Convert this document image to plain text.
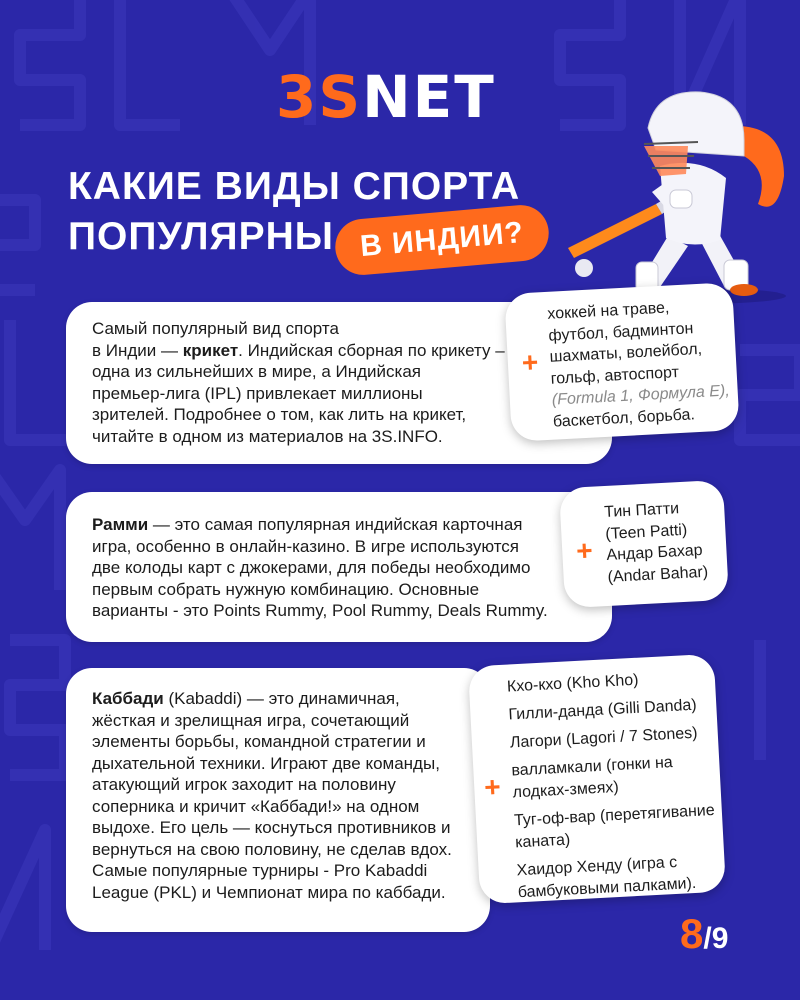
3SNET
КАКИЕ ВИДЫ СПОРТА
ПОПУЛЯРНЫ В ИНДИИ?
Самый популярный вид спорта
в Индии — крикет. Индийская сборная по крикету –
одна из сильнейших в мире, а Индийская
премьер-лига (IPL) привлекает миллионы
зрителей. Подробнее о том, как лить на крикет,
читайте в одном из материалов на 3S.INFO.
+
хоккей на траве,
футбол, бадминтон
шахматы, волейбол,
гольф, автоспорт
(Formula 1, Формула E),
баскетбол, борьба.
Рамми — это самая популярная индийская карточная
игра, особенно в онлайн-казино. В игре используются
две колоды карт с джокерами, для победы необходимо
первым собрать нужную комбинацию. Основные
варианты - это Points Rummy, Pool Rummy, Deals Rummy.
+
Тин Патти
(Teen Patti)
Андар Бахар
(Andar Bahar)
Каббади (Kabaddi) — это динамичная,
жёсткая и зрелищная игра, сочетающий
элементы борьбы, командной стратегии и
дыхательной техники. Играют две команды,
атакующий игрок заходит на половину
соперника и кричит «Каббади!» на одном
выдохе. Его цель — коснуться противников и
вернуться на свою половину, не сделав вдох.
Самые популярные турниры - Pro Kabaddi
League (PKL) и Чемпионат мира по каббади.
+
Кхо-кхо (Kho Kho)
Гилли-данда (Gilli Danda)
Лагори (Lagori / 7 Stones)
валламкали (гонки на
лодках-змеях)
Туг-оф-вар (перетягивание
каната)
Хаидор Хенду (игра с
бамбуковыми палками).
8/9
